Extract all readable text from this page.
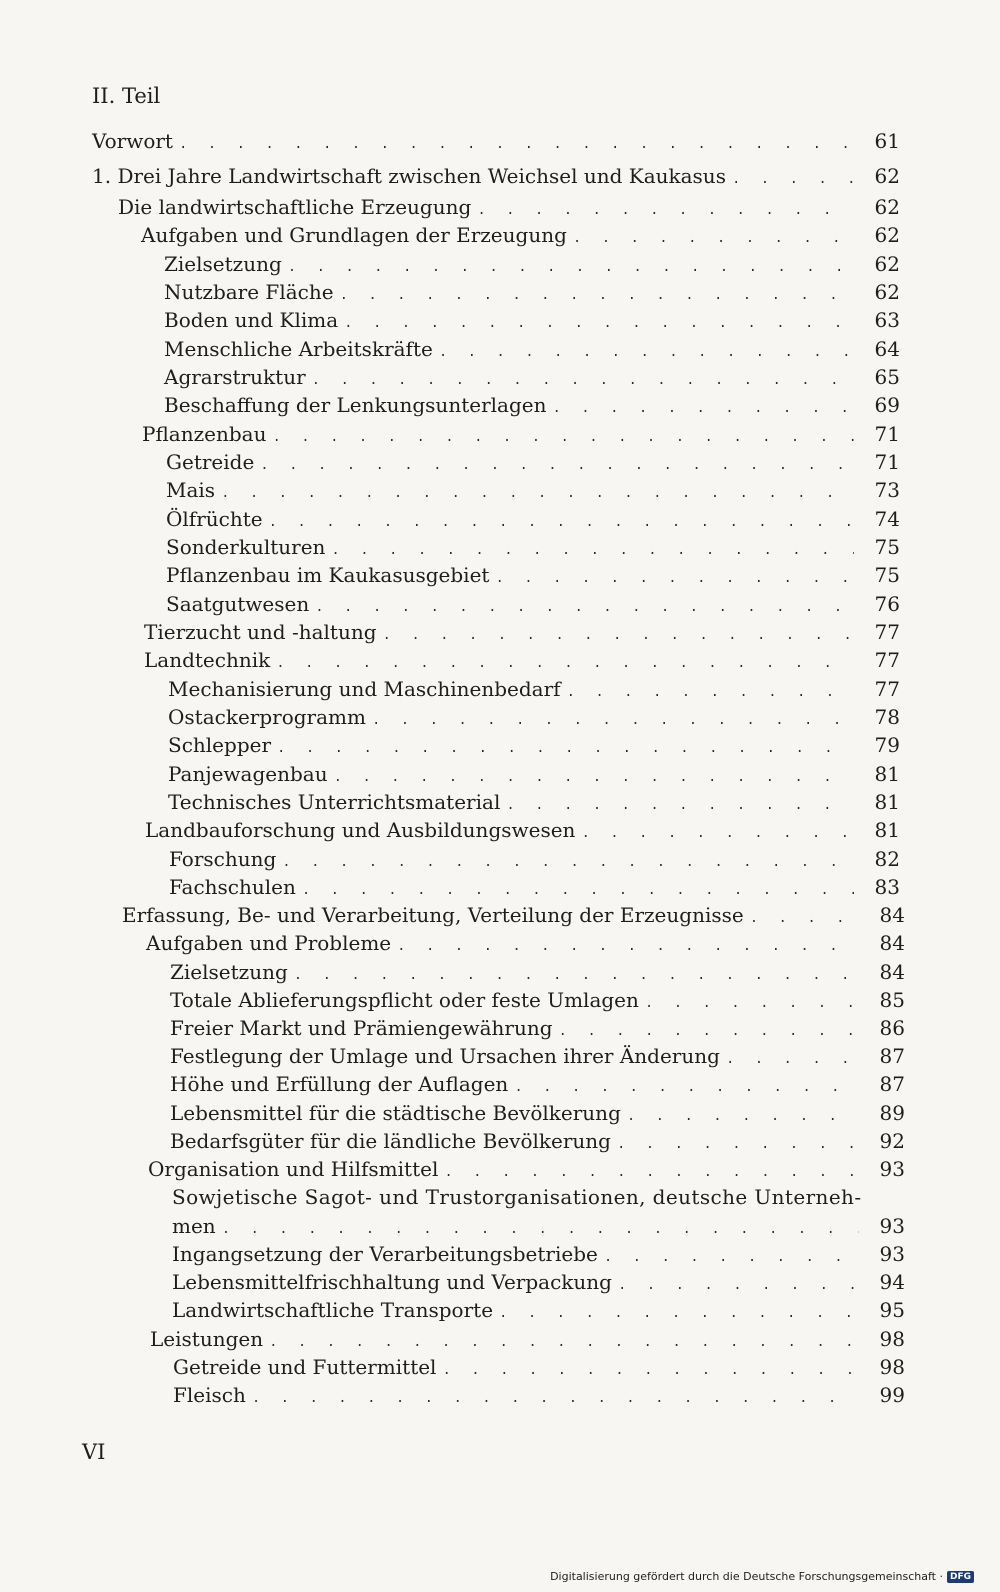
II. Teil
Vorwort . . .	61
1. Drei Jahre Landwirtschaft zwischen Weichsel und Kaukasus . . .	62
Die landwirtschaftliche Erzeugung . . .	62
Aufgaben und Grundlagen der Erzeugung . . .	62
Zielsetzung . . .	62
Nutzbare Fläche . . .	62
Boden und Klima . . .	63
Menschliche Arbeitskräfte . . .	64
Agrarstruktur . . .	65
Beschaffung der Lenkungsunterlagen . . .	69
Pflanzenbau . . .	71
Getreide . . .	71
Mais . . .	73
Ölfrüchte . . .	74
Sonderkulturen . . .	75
Pflanzenbau im Kaukasusgebiet . . .	75
Saatgutwesen . . .	76
Tierzucht und -haltung . . .	77
Landtechnik . . .	77
Mechanisierung und Maschinenbedarf . . .	77
Ostackerprogramm . . .	78
Schlepper . . .	79
Panjewagenbau . . .	81
Technisches Unterrichtsmaterial . . .	81
Landbauforschung und Ausbildungswesen . . .	81
Forschung . . .	82
Fachschulen . . .	83
Erfassung, Be- und Verarbeitung, Verteilung der Erzeugnisse . . .	84
Aufgaben und Probleme . . .	84
Zielsetzung . . .	84
Totale Ablieferungspflicht oder feste Umlagen . . .	85
Freier Markt und Prämiengewährung . . .	86
Festlegung der Umlage und Ursachen ihrer Änderung . . .	87
Höhe und Erfüllung der Auflagen . . .	87
Lebensmittel für die städtische Bevölkerung . . .	89
Bedarfsgüter für die ländliche Bevölkerung . . .	92
Organisation und Hilfsmittel . . .	93
Sowjetische Sagot- und Trustorganisationen, deutsche Unterneh-
men . . .	93
Ingangsetzung der Verarbeitungsbetriebe . . .	93
Lebensmittelfrischhaltung und Verpackung . . .	94
Landwirtschaftliche Transporte . . .	95
Leistungen . . .	98
Getreide und Futtermittel . . .	98
Fleisch . . .	99
VI
Digitalisierung gefördert durch die Deutsche Forschungsgemeinschaft · DFG
